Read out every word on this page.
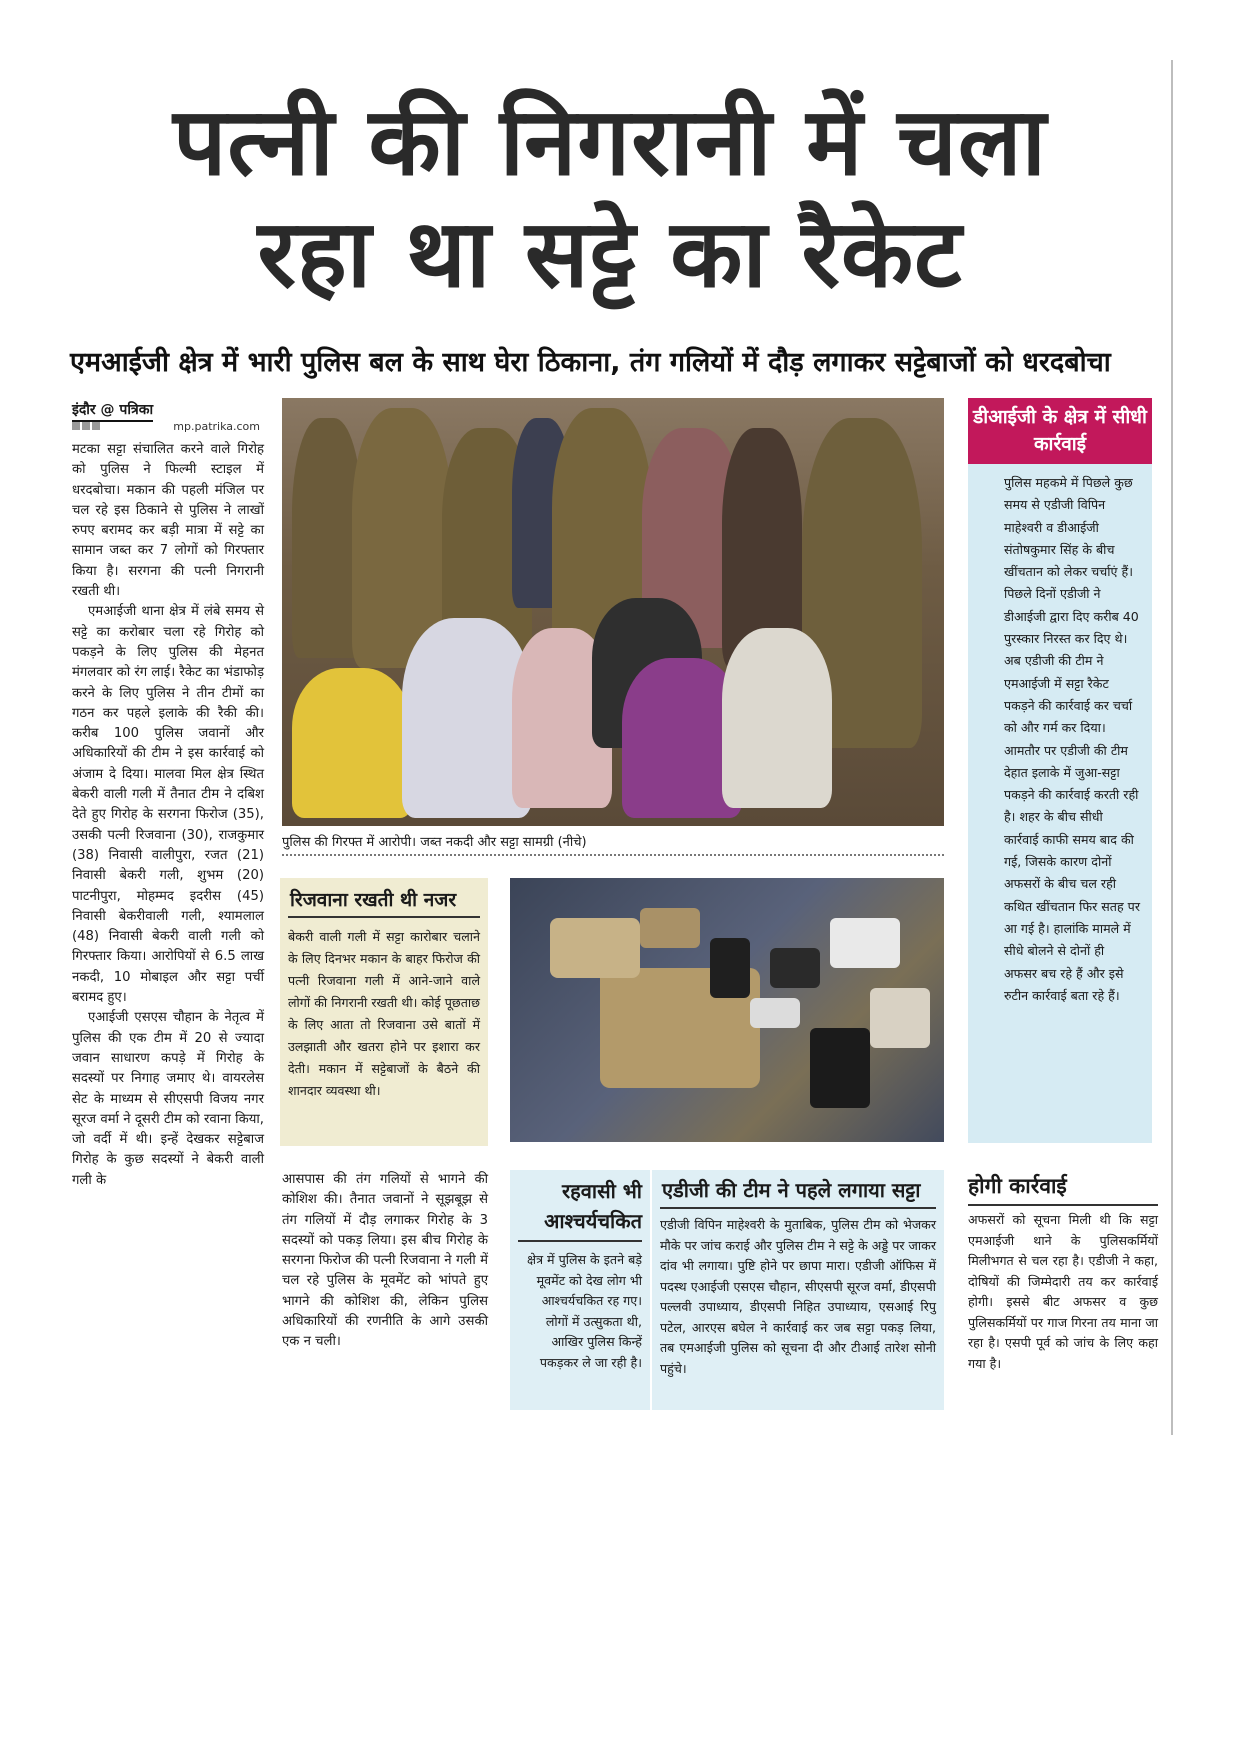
पत्नी की निगरानी में चला
रहा था सट्टे का रैकेट
एमआईजी क्षेत्र में भारी पुलिस बल के साथ घेरा ठिकाना, तंग गलियों में दौड़ लगाकर सट्टेबाजों को धरदबोचा
इंदौर @ पत्रिका
mp.patrika.com

मटका सट्टा संचालित करने वाले गिरोह को पुलिस ने फिल्मी स्टाइल में धरदबोचा। मकान की पहली मंजिल पर चल रहे इस ठिकाने से पुलिस ने लाखों रुपए बरामद कर बड़ी मात्रा में सट्टे का सामान जब्त कर 7 लोगों को गिरफ्तार किया है। सरगना की पत्नी निगरानी रखती थी।

एमआईजी थाना क्षेत्र में लंबे समय से सट्टे का करोबार चला रहे गिरोह को पकड़ने के लिए पुलिस की मेहनत मंगलवार को रंग लाई। रैकेट का भंडाफोड़ करने के लिए पुलिस ने तीन टीमों का गठन कर पहले इलाके की रैकी की। करीब 100 पुलिस जवानों और अधिकारियों की टीम ने इस कार्रवाई को अंजाम दे दिया। मालवा मिल क्षेत्र स्थित बेकरी वाली गली में तैनात टीम ने दबिश देते हुए गिरोह के सरगना फिरोज (35), उसकी पत्नी रिजवाना (30), राजकुमार (38) निवासी वालीपुरा, रजत (21) निवासी बेकरी गली, शुभम (20) पाटनीपुरा, मोहम्मद इदरीस (45) निवासी बेकरीवाली गली, श्यामलाल (48) निवासी बेकरी वाली गली को गिरफ्तार किया। आरोपियों से 6.5 लाख नकदी, 10 मोबाइल और सट्टा पर्ची बरामद हुए।

एआईजी एसएस चौहान के नेतृत्व में पुलिस की एक टीम में 20 से ज्यादा जवान साधारण कपड़े में गिरोह के सदस्यों पर निगाह जमाए थे। वायरलेस सेट के माध्यम से सीएसपी विजय नगर सूरज वर्मा ने दूसरी टीम को रवाना किया, जो वर्दी में थी। इन्हें देखकर सट्टेबाज गिरोह के कुछ सदस्यों ने बेकरी वाली गली के

पुलिस की गिरफ्त में आरोपी। जब्त नकदी और सट्टा सामग्री (नीचे)
रिजवाना रखती थी नजर
बेकरी वाली गली में सट्टा कारोबार चलाने के लिए दिनभर मकान के बाहर फिरोज की पत्नी रिजवाना गली में आने-जाने वाले लोगों की निगरानी रखती थी। कोई पूछताछ के लिए आता तो रिजवाना उसे बातों में उलझाती और खतरा होने पर इशारा कर देती। मकान में सट्टेबाजों के बैठने की शानदार व्यवस्था थी।
आसपास की तंग गलियों से भागने की कोशिश की। तैनात जवानों ने सूझबूझ से तंग गलियों में दौड़ लगाकर गिरोह के 3 सदस्यों को पकड़ लिया। इस बीच गिरोह के सरगना फिरोज की पत्नी रिजवाना ने गली में चल रहे पुलिस के मूवमेंट को भांपते हुए भागने की कोशिश की, लेकिन पुलिस अधिकारियों की रणनीति के आगे उसकी एक न चली।
रहवासी भी आश्चर्यचकित
क्षेत्र में पुलिस के इतने बड़े मूवमेंट को देख लोग भी आश्चर्यचकित रह गए। लोगों में उत्सुकता थी, आखिर पुलिस किन्हें पकड़कर ले जा रही है।
एडीजी की टीम ने पहले लगाया सट्टा
एडीजी विपिन माहेश्वरी के मुताबिक, पुलिस टीम को भेजकर मौके पर जांच कराई और पुलिस टीम ने सट्टे के अड्डे पर जाकर दांव भी लगाया। पुष्टि होने पर छापा मारा। एडीजी ऑफिस में पदस्थ एआईजी एसएस चौहान, सीएसपी सूरज वर्मा, डीएसपी पल्लवी उपाध्याय, डीएसपी निहित उपाध्याय, एसआई रिपु पटेल, आरएस बघेल ने कार्रवाई कर जब सट्टा पकड़ लिया, तब एमआईजी पुलिस को सूचना दी और टीआई तारेश सोनी पहुंचे।
डीआईजी के क्षेत्र में सीधी कार्रवाई
पुलिस महकमे में पिछले कुछ समय से एडीजी विपिन माहेश्वरी व डीआईजी संतोषकुमार सिंह के बीच खींचतान को लेकर चर्चाएं हैं। पिछले दिनों एडीजी ने डीआईजी द्वारा दिए करीब 40 पुरस्कार निरस्त कर दिए थे। अब एडीजी की टीम ने एमआईजी में सट्टा रैकेट पकड़ने की कार्रवाई कर चर्चा को और गर्म कर दिया। आमतौर पर एडीजी की टीम देहात इलाके में जुआ-सट्टा पकड़ने की कार्रवाई करती रही है। शहर के बीच सीधी कार्रवाई काफी समय बाद की गई, जिसके कारण दोनों अफसरों के बीच चल रही कथित खींचतान फिर सतह पर आ गई है। हालांकि मामले में सीधे बोलने से दोनों ही अफसर बच रहे हैं और इसे रुटीन कार्रवाई बता रहे हैं।
होगी कार्रवाई
अफसरों को सूचना मिली थी कि सट्टा एमआईजी थाने के पुलिसकर्मियों मिलीभगत से चल रहा है। एडीजी ने कहा, दोषियों की जिम्मेदारी तय कर कार्रवाई होगी। इससे बीट अफसर व कुछ पुलिसकर्मियों पर गाज गिरना तय माना जा रहा है। एसपी पूर्व को जांच के लिए कहा गया है।
